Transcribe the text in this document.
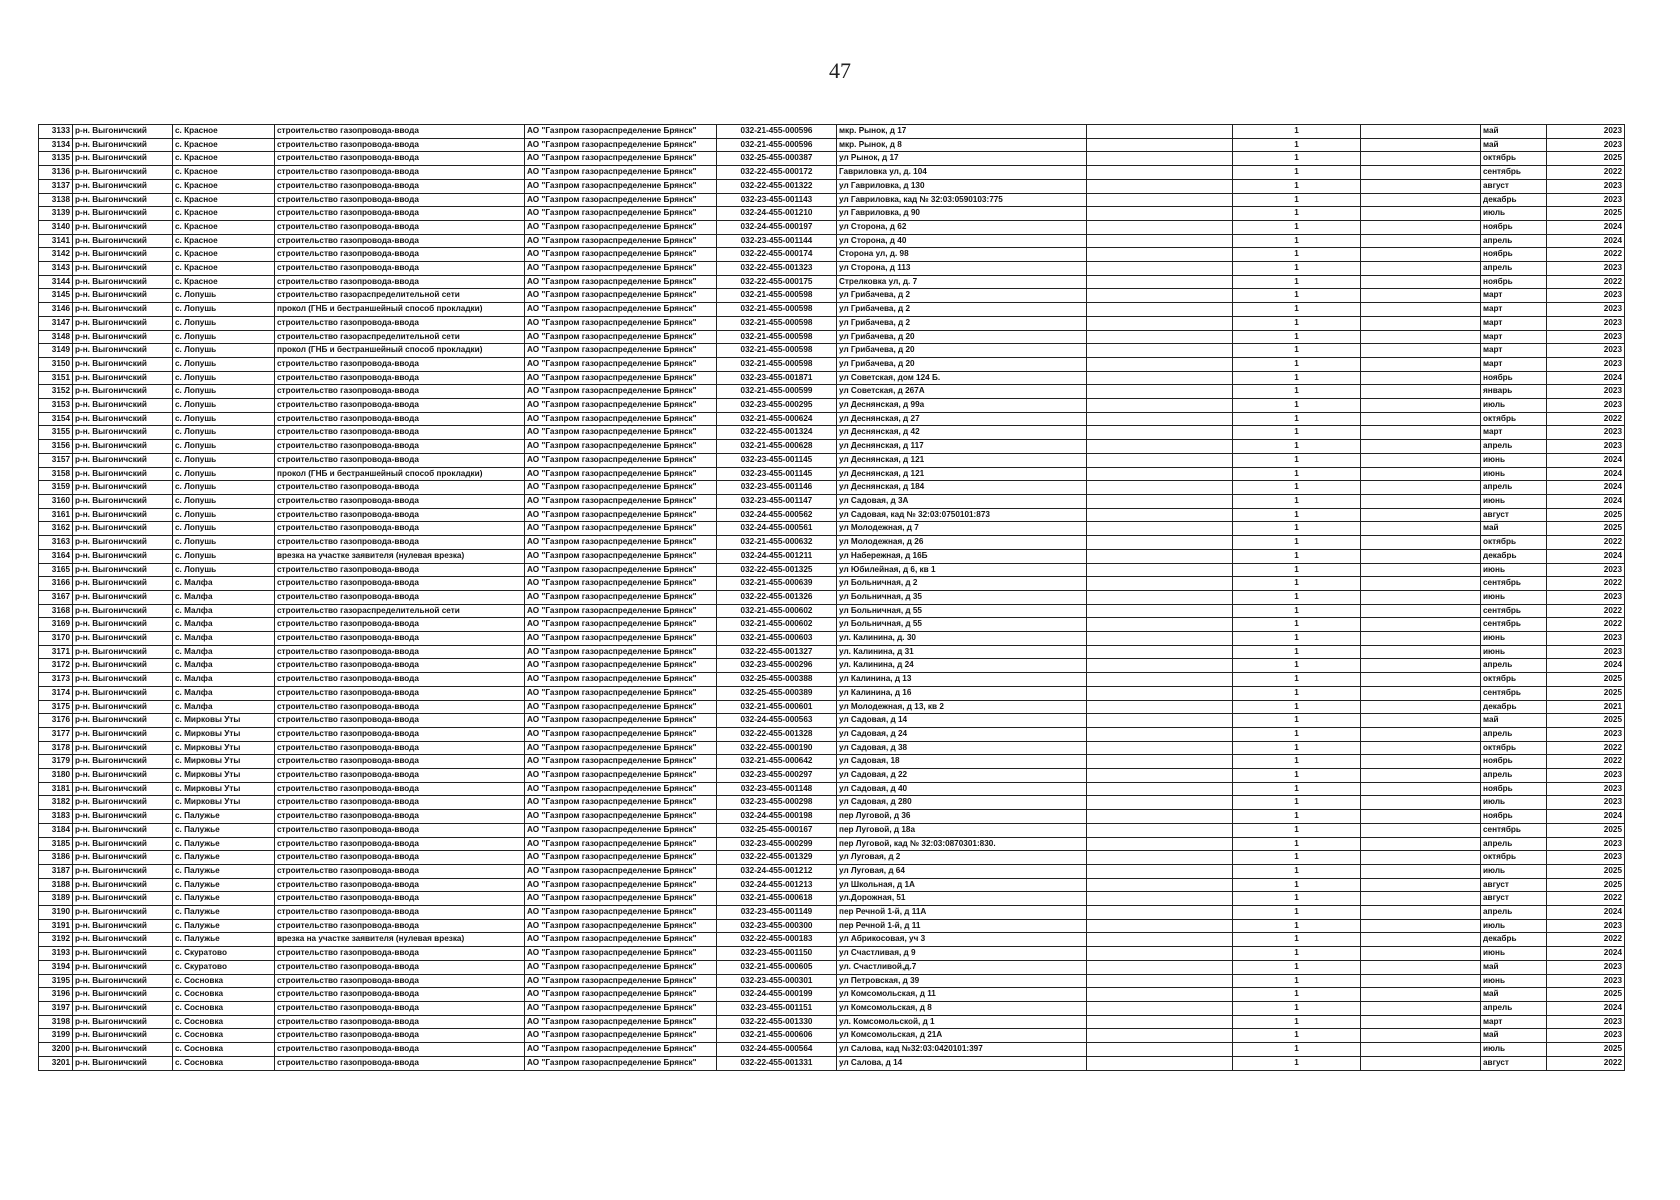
47
3133	р-н. Выгоничский	с. Красное	строительство газопровода-ввода	АО "Газпром газораспределение Брянск"	032-21-455-000596	мкр. Рынок, д 17		1		май	2023
3134	р-н. Выгоничский	с. Красное	строительство газопровода-ввода	АО "Газпром газораспределение Брянск"	032-21-455-000596	мкр. Рынок, д 8		1		май	2023
3135	р-н. Выгоничский	с. Красное	строительство газопровода-ввода	АО "Газпром газораспределение Брянск"	032-25-455-000387	ул Рынок, д 17		1		октябрь	2025
3136	р-н. Выгоничский	с. Красное	строительство газопровода-ввода	АО "Газпром газораспределение Брянск"	032-22-455-000172	Гавриловка ул, д. 104		1		сентябрь	2022
3137	р-н. Выгоничский	с. Красное	строительство газопровода-ввода	АО "Газпром газораспределение Брянск"	032-22-455-001322	ул Гавриловка, д 130		1		август	2023
3138	р-н. Выгоничский	с. Красное	строительство газопровода-ввода	АО "Газпром газораспределение Брянск"	032-23-455-001143	ул Гавриловка, кад № 32:03:0590103:775		1		декабрь	2023
3139	р-н. Выгоничский	с. Красное	строительство газопровода-ввода	АО "Газпром газораспределение Брянск"	032-24-455-001210	ул Гавриловка, д 90		1		июль	2025
3140	р-н. Выгоничский	с. Красное	строительство газопровода-ввода	АО "Газпром газораспределение Брянск"	032-24-455-000197	ул Сторона, д 62		1		ноябрь	2024
3141	р-н. Выгоничский	с. Красное	строительство газопровода-ввода	АО "Газпром газораспределение Брянск"	032-23-455-001144	ул Сторона, д 40		1		апрель	2024
3142	р-н. Выгоничский	с. Красное	строительство газопровода-ввода	АО "Газпром газораспределение Брянск"	032-22-455-000174	Сторона ул, д. 98		1		ноябрь	2022
3143	р-н. Выгоничский	с. Красное	строительство газопровода-ввода	АО "Газпром газораспределение Брянск"	032-22-455-001323	ул Сторона, д 113		1		апрель	2023
3144	р-н. Выгоничский	с. Красное	строительство газопровода-ввода	АО "Газпром газораспределение Брянск"	032-22-455-000175	Стрелковка ул, д. 7		1		ноябрь	2022
3145	р-н. Выгоничский	с. Лопушь	строительство газораспределительной сети	АО "Газпром газораспределение Брянск"	032-21-455-000598	ул Грибачева, д 2		1		март	2023
3146	р-н. Выгоничский	с. Лопушь	прокол (ГНБ и бестраншейный способ прокладки)	АО "Газпром газораспределение Брянск"	032-21-455-000598	ул Грибачева, д 2		1		март	2023
3147	р-н. Выгоничский	с. Лопушь	строительство газопровода-ввода	АО "Газпром газораспределение Брянск"	032-21-455-000598	ул Грибачева, д 2		1		март	2023
3148	р-н. Выгоничский	с. Лопушь	строительство газораспределительной сети	АО "Газпром газораспределение Брянск"	032-21-455-000598	ул Грибачева, д 20		1		март	2023
3149	р-н. Выгоничский	с. Лопушь	прокол (ГНБ и бестраншейный способ прокладки)	АО "Газпром газораспределение Брянск"	032-21-455-000598	ул Грибачева, д 20		1		март	2023
3150	р-н. Выгоничский	с. Лопушь	строительство газопровода-ввода	АО "Газпром газораспределение Брянск"	032-21-455-000598	ул Грибачева, д 20		1		март	2023
3151	р-н. Выгоничский	с. Лопушь	строительство газопровода-ввода	АО "Газпром газораспределение Брянск"	032-23-455-001871	ул Советская, дом 124 Б.		1		ноябрь	2024
3152	р-н. Выгоничский	с. Лопушь	строительство газопровода-ввода	АО "Газпром газораспределение Брянск"	032-21-455-000599	ул Советская, д 267А		1		январь	2023
3153	р-н. Выгоничский	с. Лопушь	строительство газопровода-ввода	АО "Газпром газораспределение Брянск"	032-23-455-000295	ул Деснянская, д 99а		1		июль	2023
3154	р-н. Выгоничский	с. Лопушь	строительство газопровода-ввода	АО "Газпром газораспределение Брянск"	032-21-455-000624	ул Деснянская, д 27		1		октябрь	2022
3155	р-н. Выгоничский	с. Лопушь	строительство газопровода-ввода	АО "Газпром газораспределение Брянск"	032-22-455-001324	ул Деснянская, д 42		1		март	2023
3156	р-н. Выгоничский	с. Лопушь	строительство газопровода-ввода	АО "Газпром газораспределение Брянск"	032-21-455-000628	ул Деснянская, д 117		1		апрель	2023
3157	р-н. Выгоничский	с. Лопушь	строительство газопровода-ввода	АО "Газпром газораспределение Брянск"	032-23-455-001145	ул Деснянская, д 121		1		июнь	2024
3158	р-н. Выгоничский	с. Лопушь	прокол (ГНБ и бестраншейный способ прокладки)	АО "Газпром газораспределение Брянск"	032-23-455-001145	ул Деснянская, д 121		1		июнь	2024
3159	р-н. Выгоничский	с. Лопушь	строительство газопровода-ввода	АО "Газпром газораспределение Брянск"	032-23-455-001146	ул Деснянская, д 184		1		апрель	2024
3160	р-н. Выгоничский	с. Лопушь	строительство газопровода-ввода	АО "Газпром газораспределение Брянск"	032-23-455-001147	ул Садовая, д 3А		1		июнь	2024
3161	р-н. Выгоничский	с. Лопушь	строительство газопровода-ввода	АО "Газпром газораспределение Брянск"	032-24-455-000562	ул Садовая, кад № 32:03:0750101:873		1		август	2025
3162	р-н. Выгоничский	с. Лопушь	строительство газопровода-ввода	АО "Газпром газораспределение Брянск"	032-24-455-000561	ул Молодежная, д 7		1		май	2025
3163	р-н. Выгоничский	с. Лопушь	строительство газопровода-ввода	АО "Газпром газораспределение Брянск"	032-21-455-000632	ул Молодежная, д 26		1		октябрь	2022
3164	р-н. Выгоничский	с. Лопушь	врезка на участке заявителя (нулевая врезка)	АО "Газпром газораспределение Брянск"	032-24-455-001211	ул Набережная, д 16Б		1		декабрь	2024
3165	р-н. Выгоничский	с. Лопушь	строительство газопровода-ввода	АО "Газпром газораспределение Брянск"	032-22-455-001325	ул Юбилейная, д 6, кв 1		1		июнь	2023
3166	р-н. Выгоничский	с. Малфа	строительство газопровода-ввода	АО "Газпром газораспределение Брянск"	032-21-455-000639	ул Больничная, д 2		1		сентябрь	2022
3167	р-н. Выгоничский	с. Малфа	строительство газопровода-ввода	АО "Газпром газораспределение Брянск"	032-22-455-001326	ул Больничная, д 35		1		июнь	2023
3168	р-н. Выгоничский	с. Малфа	строительство газораспределительной сети	АО "Газпром газораспределение Брянск"	032-21-455-000602	ул Больничная, д 55		1		сентябрь	2022
3169	р-н. Выгоничский	с. Малфа	строительство газопровода-ввода	АО "Газпром газораспределение Брянск"	032-21-455-000602	ул Больничная, д 55		1		сентябрь	2022
3170	р-н. Выгоничский	с. Малфа	строительство газопровода-ввода	АО "Газпром газораспределение Брянск"	032-21-455-000603	ул. Калинина, д. 30		1		июнь	2023
3171	р-н. Выгоничский	с. Малфа	строительство газопровода-ввода	АО "Газпром газораспределение Брянск"	032-22-455-001327	ул. Калинина, д 31		1		июнь	2023
3172	р-н. Выгоничский	с. Малфа	строительство газопровода-ввода	АО "Газпром газораспределение Брянск"	032-23-455-000296	ул. Калинина, д 24		1		апрель	2024
3173	р-н. Выгоничский	с. Малфа	строительство газопровода-ввода	АО "Газпром газораспределение Брянск"	032-25-455-000388	ул Калинина, д 13		1		октябрь	2025
3174	р-н. Выгоничский	с. Малфа	строительство газопровода-ввода	АО "Газпром газораспределение Брянск"	032-25-455-000389	ул Калинина, д 16		1		сентябрь	2025
3175	р-н. Выгоничский	с. Малфа	строительство газопровода-ввода	АО "Газпром газораспределение Брянск"	032-21-455-000601	ул Молодежная, д 13, кв 2		1		декабрь	2021
3176	р-н. Выгоничский	с. Мирковы Уты	строительство газопровода-ввода	АО "Газпром газораспределение Брянск"	032-24-455-000563	ул Садовая, д 14		1		май	2025
3177	р-н. Выгоничский	с. Мирковы Уты	строительство газопровода-ввода	АО "Газпром газораспределение Брянск"	032-22-455-001328	ул Садовая, д 24		1		апрель	2023
3178	р-н. Выгоничский	с. Мирковы Уты	строительство газопровода-ввода	АО "Газпром газораспределение Брянск"	032-22-455-000190	ул Садовая, д 38		1		октябрь	2022
3179	р-н. Выгоничский	с. Мирковы Уты	строительство газопровода-ввода	АО "Газпром газораспределение Брянск"	032-21-455-000642	ул Садовая, 18		1		ноябрь	2022
3180	р-н. Выгоничский	с. Мирковы Уты	строительство газопровода-ввода	АО "Газпром газораспределение Брянск"	032-23-455-000297	ул Садовая, д 22		1		апрель	2023
3181	р-н. Выгоничский	с. Мирковы Уты	строительство газопровода-ввода	АО "Газпром газораспределение Брянск"	032-23-455-001148	ул Садовая, д 40		1		ноябрь	2023
3182	р-н. Выгоничский	с. Мирковы Уты	строительство газопровода-ввода	АО "Газпром газораспределение Брянск"	032-23-455-000298	ул Садовая, д 280		1		июль	2023
3183	р-н. Выгоничский	с. Палужье	строительство газопровода-ввода	АО "Газпром газораспределение Брянск"	032-24-455-000198	пер Луговой, д 36		1		ноябрь	2024
3184	р-н. Выгоничский	с. Палужье	строительство газопровода-ввода	АО "Газпром газораспределение Брянск"	032-25-455-000167	пер Луговой, д 18а		1		сентябрь	2025
3185	р-н. Выгоничский	с. Палужье	строительство газопровода-ввода	АО "Газпром газораспределение Брянск"	032-23-455-000299	пер Луговой, кад № 32:03:0870301:830.		1		апрель	2023
3186	р-н. Выгоничский	с. Палужье	строительство газопровода-ввода	АО "Газпром газораспределение Брянск"	032-22-455-001329	ул Луговая, д 2		1		октябрь	2023
3187	р-н. Выгоничский	с. Палужье	строительство газопровода-ввода	АО "Газпром газораспределение Брянск"	032-24-455-001212	ул Луговая, д 64		1		июль	2025
3188	р-н. Выгоничский	с. Палужье	строительство газопровода-ввода	АО "Газпром газораспределение Брянск"	032-24-455-001213	ул Школьная, д 1А		1		август	2025
3189	р-н. Выгоничский	с. Палужье	строительство газопровода-ввода	АО "Газпром газораспределение Брянск"	032-21-455-000618	ул.Дорожная, 51		1		август	2022
3190	р-н. Выгоничский	с. Палужье	строительство газопровода-ввода	АО "Газпром газораспределение Брянск"	032-23-455-001149	пер Речной 1-й, д 11А		1		апрель	2024
3191	р-н. Выгоничский	с. Палужье	строительство газопровода-ввода	АО "Газпром газораспределение Брянск"	032-23-455-000300	пер Речной 1-й, д 11		1		июль	2023
3192	р-н. Выгоничский	с. Палужье	врезка на участке заявителя (нулевая врезка)	АО "Газпром газораспределение Брянск"	032-22-455-000183	ул Абрикосовая, уч 3		1		декабрь	2022
3193	р-н. Выгоничский	с. Скуратово	строительство газопровода-ввода	АО "Газпром газораспределение Брянск"	032-23-455-001150	ул Счастливая, д 9		1		июнь	2024
3194	р-н. Выгоничский	с. Скуратово	строительство газопровода-ввода	АО "Газпром газораспределение Брянск"	032-21-455-000605	ул. Счастливой,д.7		1		май	2023
3195	р-н. Выгоничский	с. Сосновка	строительство газопровода-ввода	АО "Газпром газораспределение Брянск"	032-23-455-000301	ул Петровская, д 39		1		июнь	2023
3196	р-н. Выгоничский	с. Сосновка	строительство газопровода-ввода	АО "Газпром газораспределение Брянск"	032-24-455-000199	ул Комсомольская, д 11		1		май	2025
3197	р-н. Выгоничский	с. Сосновка	строительство газопровода-ввода	АО "Газпром газораспределение Брянск"	032-23-455-001151	ул Комсомольская, д 8		1		апрель	2024
3198	р-н. Выгоничский	с. Сосновка	строительство газопровода-ввода	АО "Газпром газораспределение Брянск"	032-22-455-001330	ул. Комсомольской, д 1		1		март	2023
3199	р-н. Выгоничский	с. Сосновка	строительство газопровода-ввода	АО "Газпром газораспределение Брянск"	032-21-455-000606	ул Комсомольская, д 21А		1		май	2023
3200	р-н. Выгоничский	с. Сосновка	строительство газопровода-ввода	АО "Газпром газораспределение Брянск"	032-24-455-000564	ул Салова, кад №32:03:0420101:397		1		июль	2025
3201	р-н. Выгоничский	с. Сосновка	строительство газопровода-ввода	АО "Газпром газораспределение Брянск"	032-22-455-001331	ул Салова, д 14		1		август	2022
